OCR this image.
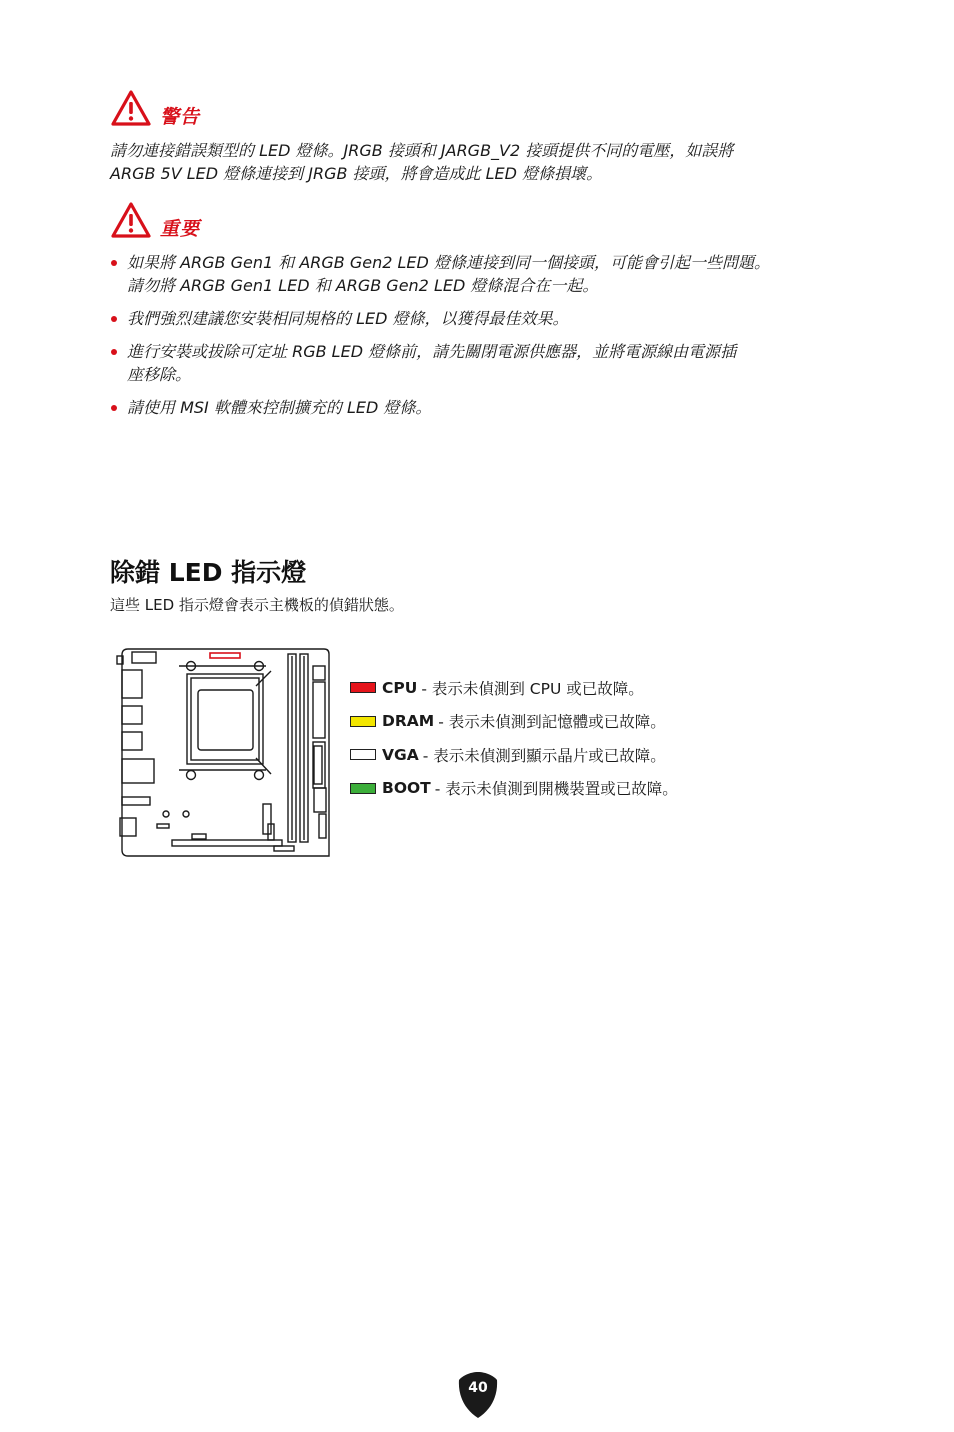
警告
請勿連接錯誤類型的 LED 燈條。JRGB 接頭和 JARGB_V2 接頭提供不同的電壓，如誤將
ARGB 5V LED 燈條連接到 JRGB 接頭，將會造成此 LED 燈條損壞。
重要
如果將 ARGB Gen1 和 ARGB Gen2 LED 燈條連接到同一個接頭，可能會引起一些問題。
請勿將 ARGB Gen1 LED 和 ARGB Gen2 LED 燈條混合在一起。
我們強烈建議您安裝相同規格的 LED 燈條，以獲得最佳效果。
進行安裝或拔除可定址 RGB LED 燈條前，請先關閉電源供應器，並將電源線由電源插
座移除。
請使用 MSI 軟體來控制擴充的 LED 燈條。
除錯 LED 指示燈
這些 LED 指示燈會表示主機板的偵錯狀態。
CPU - 表示未偵測到 CPU 或已故障。
DRAM - 表示未偵測到記憶體或已故障。
VGA - 表示未偵測到顯示晶片或已故障。
BOOT - 表示未偵測到開機裝置或已故障。
40
